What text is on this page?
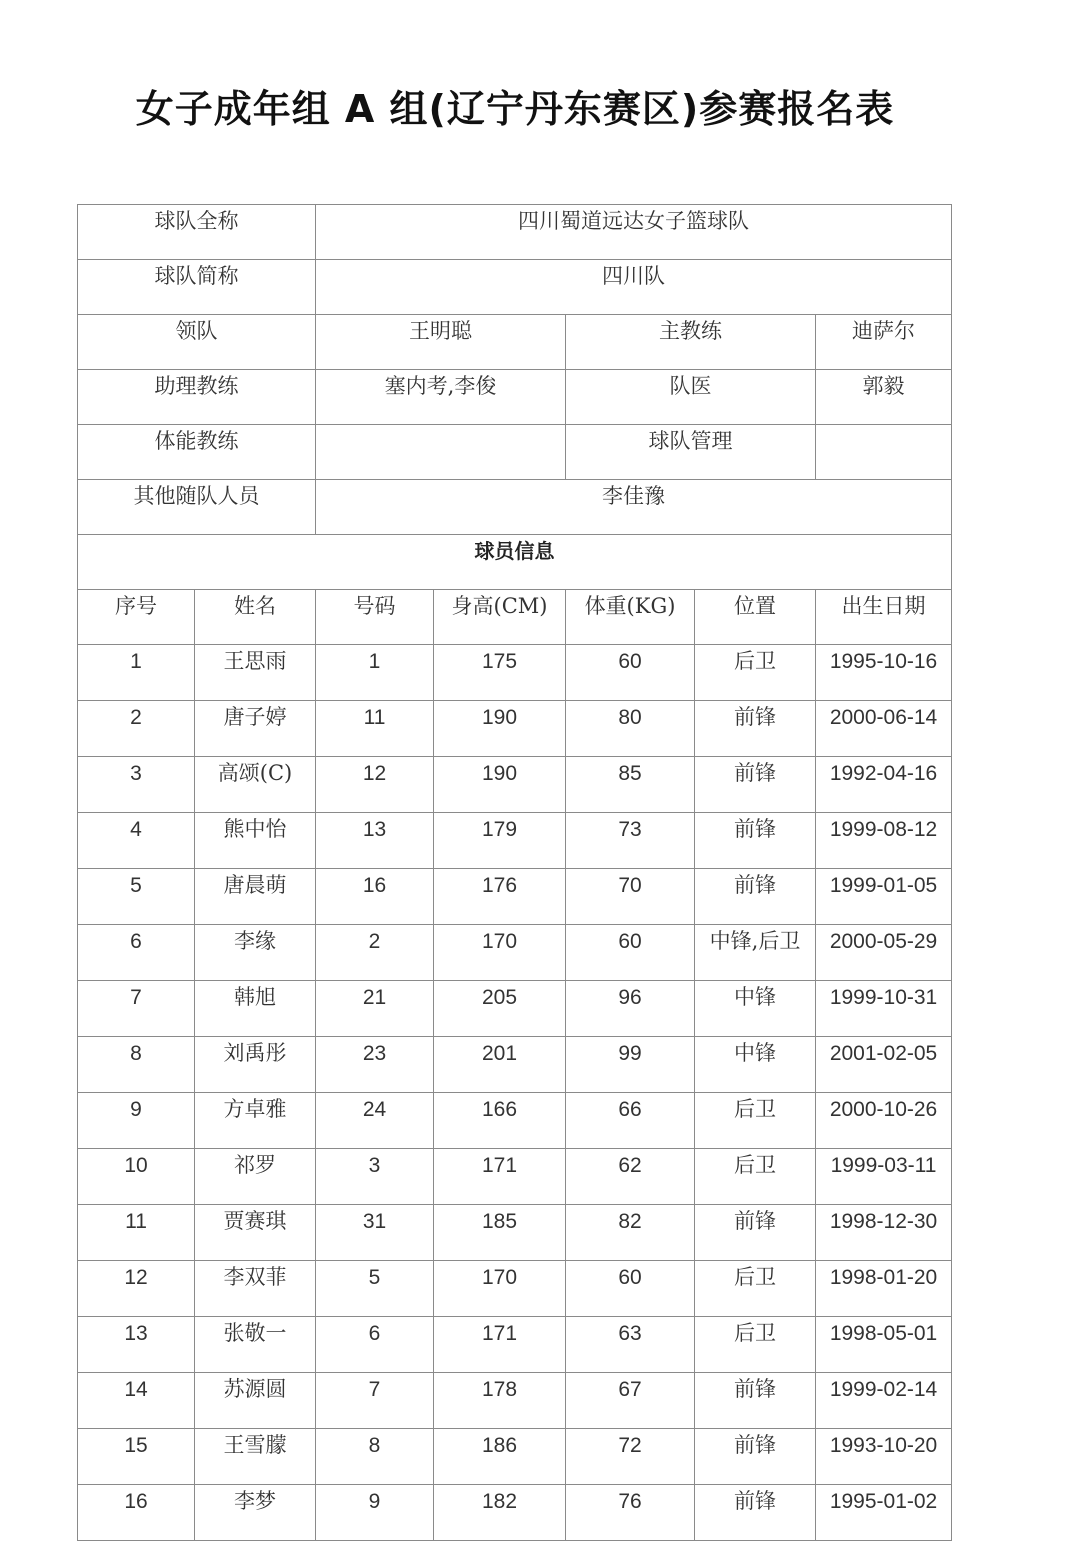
女子成年组 A 组(辽宁丹东赛区)参赛报名表
球队全称		四川蜀道远达女子篮球队				
球队简称		四川队				
领队		王明聪		主教练		迪萨尔
助理教练		塞内考,李俊		队医		郭毅
体能教练				球队管理		
其他随队人员		李佳豫				
球员信息						
序号	姓名	号码	身高(CM)	体重(KG)	位置	出生日期
1	王思雨	1	175	60	后卫	1995-10-16
2	唐子婷	11	190	80	前锋	2000-06-14
3	高颂(C)	12	190	85	前锋	1992-04-16
4	熊中怡	13	179	73	前锋	1999-08-12
5	唐晨萌	16	176	70	前锋	1999-01-05
6	李缘	2	170	60	中锋,后卫	2000-05-29
7	韩旭	21	205	96	中锋	1999-10-31
8	刘禹彤	23	201	99	中锋	2001-02-05
9	方卓雅	24	166	66	后卫	2000-10-26
10	祁罗	3	171	62	后卫	1999-03-11
11	贾赛琪	31	185	82	前锋	1998-12-30
12	李双菲	5	170	60	后卫	1998-01-20
13	张敬一	6	171	63	后卫	1998-05-01
14	苏源圆	7	178	67	前锋	1999-02-14
15	王雪朦	8	186	72	前锋	1993-10-20
16	李梦	9	182	76	前锋	1995-01-02
